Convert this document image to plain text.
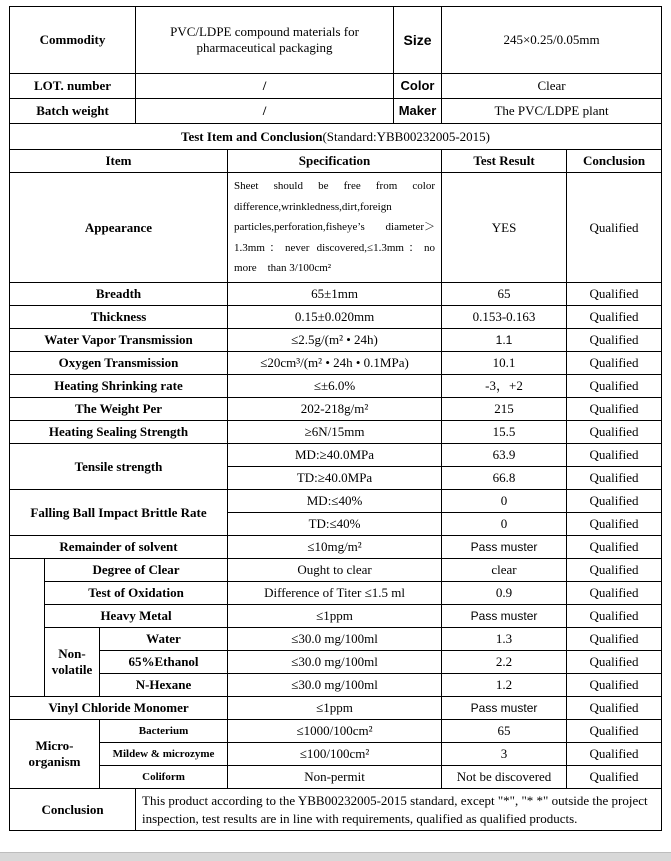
Commodity			PVC/LDPE compound materials for pharmaceutical packaging		Size	245×0.25/0.05mm	
LOT. number			/		Color	Clear	
Batch weight			/		Maker	The PVC/LDPE plant	
Test Item and Conclusion(Standard:YBB00232005-2015)							
Item				Specification		Test Result	Conclusion
Appearance				Sheet should be free from color difference,wrinkledness,dirt,foreign particles,perforation,fisheye’s diameter＞1.3mm：never discovered,≤1.3mm：no more　than 3/100cm²		YES	Qualified
Breadth				65±1mm		65	Qualified
Thickness				0.15±0.020mm		0.153-0.163	Qualified
Water Vapor Transmission				≤2.5g/(m² • 24h)		1.1	Qualified
Oxygen Transmission				≤20cm³/(m² • 24h • 0.1MPa)		10.1	Qualified
Heating Shrinking rate				≤±6.0%		-3，+2	Qualified
The Weight Per				202-218g/m²		215	Qualified
Heating Sealing Strength				≥6N/15mm		15.5	Qualified
Tensile strength				MD:≥40.0MPa		63.9	Qualified
				TD:≥40.0MPa		66.8	Qualified
Falling Ball Impact Brittle Rate				MD:≤40%		0	Qualified
				TD:≤40%		0	Qualified
Remainder of solvent				≤10mg/m²		Pass muster	Qualified
	Degree of Clear			Ought to clear		clear	Qualified
	Test of Oxidation			Difference of Titer ≤1.5 ml		0.9	Qualified
	Heavy Metal			≤1ppm		Pass muster	Qualified
	Non-volatile	Water		≤30.0 mg/100ml		1.3	Qualified
		65%Ethanol		≤30.0 mg/100ml		2.2	Qualified
		N-Hexane		≤30.0 mg/100ml		1.2	Qualified
Vinyl Chloride Monomer				≤1ppm		Pass muster	Qualified
Micro-organism		Bacterium		≤1000/100cm²		65	Qualified
		Mildew & microzyme		≤100/100cm²		3	Qualified
		Coliform		Non-permit		Not be discovered	Qualified
Conclusion			This product according to the YBB00232005-2015 standard, except "*", "* *" outside the project inspection, test results are in line with requirements, qualified as qualified products.				
